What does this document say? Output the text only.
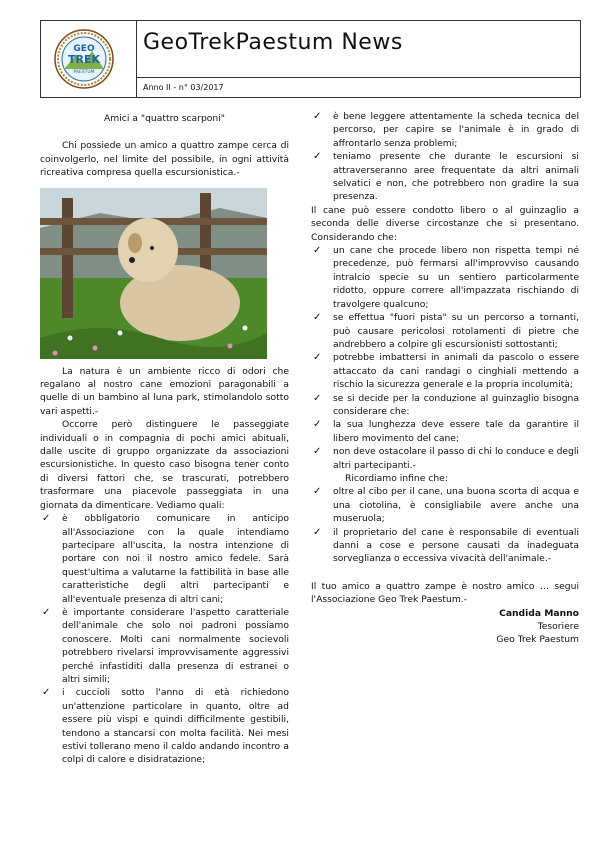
GEO
TREK
PAESTUM
GeoTrekPaestum News
Anno II - n° 03/2017

Amici a "quattro scarponi"

Chi possiede un amico a quattro zampe cerca di coinvolgerlo, nel limite del possibile, in ogni attività ricreativa compresa quella escursionistica.-

La natura è un ambiente ricco di odori che regalano al nostro cane emozioni paragonabili a quelle di un bambino al luna park, stimolandolo sotto vari aspetti.-

Occorre però distinguere le passeggiate individuali o in compagnia di pochi amici abituali, dalle uscite di gruppo organizzate da associazioni escursionistiche. In questo caso bisogna tener conto di diversi fattori che, se trascurati, potrebbero trasformare una piacevole passeggiata in una giornata da dimenticare. Vediamo quali:

✓ è obbligatorio comunicare in anticipo all'Associazione con la quale intendiamo partecipare all'uscita, la nostra intenzione di portare con noi il nostro amico fedele. Sarà quest'ultima a valutarne la fattibilità in base alle caratteristiche degli altri partecipanti e all'eventuale presenza di altri cani;

✓ è importante considerare l'aspetto caratteriale dell'animale che solo noi padroni possiamo conoscere. Molti cani normalmente socievoli potrebbero rivelarsi improvvisamente aggressivi perché infastiditi dalla presenza di estranei o altri simili;

✓ i cuccioli sotto l'anno di età richiedono un'attenzione particolare in quanto, oltre ad essere più vispi e quindi difficilmente gestibili, tendono a stancarsi con molta facilità. Nei mesi estivi tollerano meno il caldo andando incontro a colpi di calore e disidratazione;

✓ è bene leggere attentamente la scheda tecnica del percorso, per capire se l'animale è in grado di affrontarlo senza problemi;

✓ teniamo presente che durante le escursioni si attraverseranno aree frequentate da altri animali selvatici e non, che potrebbero non gradire la sua presenza.

Il cane può essere condotto libero o al guinzaglio a seconda delle diverse circostanze che si presentano. Considerando che:

✓ un cane che procede libero non rispetta tempi né precedenze, può fermarsi all'improvviso causando intralcio specie su un sentiero particolarmente ridotto, oppure correre all'impazzata rischiando di travolgere qualcuno;

✓ se effettua "fuori pista" su un percorso a tornanti, può causare pericolosi rotolamenti di pietre che andrebbero a colpire gli escursionisti sottostanti;

✓ potrebbe imbattersi in animali da pascolo o essere attaccato da cani randagi o cinghiali mettendo a rischio la sicurezza generale e la propria incolumità;

✓ se si decide per la conduzione al guinzaglio bisogna considerare che:

✓ la sua lunghezza deve essere tale da garantire il libero movimento del cane;

✓ non deve ostacolare il passo di chi lo conduce e degli altri partecipanti.-

Ricordiamo infine che:

✓ oltre al cibo per il cane, una buona scorta di acqua e una ciotolina, è consigliabile avere anche una museruola;

✓ il proprietario del cane è responsabile di eventuali danni a cose e persone causati da inadeguata sorveglianza o eccessiva vivacità dell'animale.-

Il tuo amico a quattro zampe è nostro amico … segui l'Associazione Geo Trek Paestum.-

Candida Manno

Tesoriere

Geo Trek Paestum
